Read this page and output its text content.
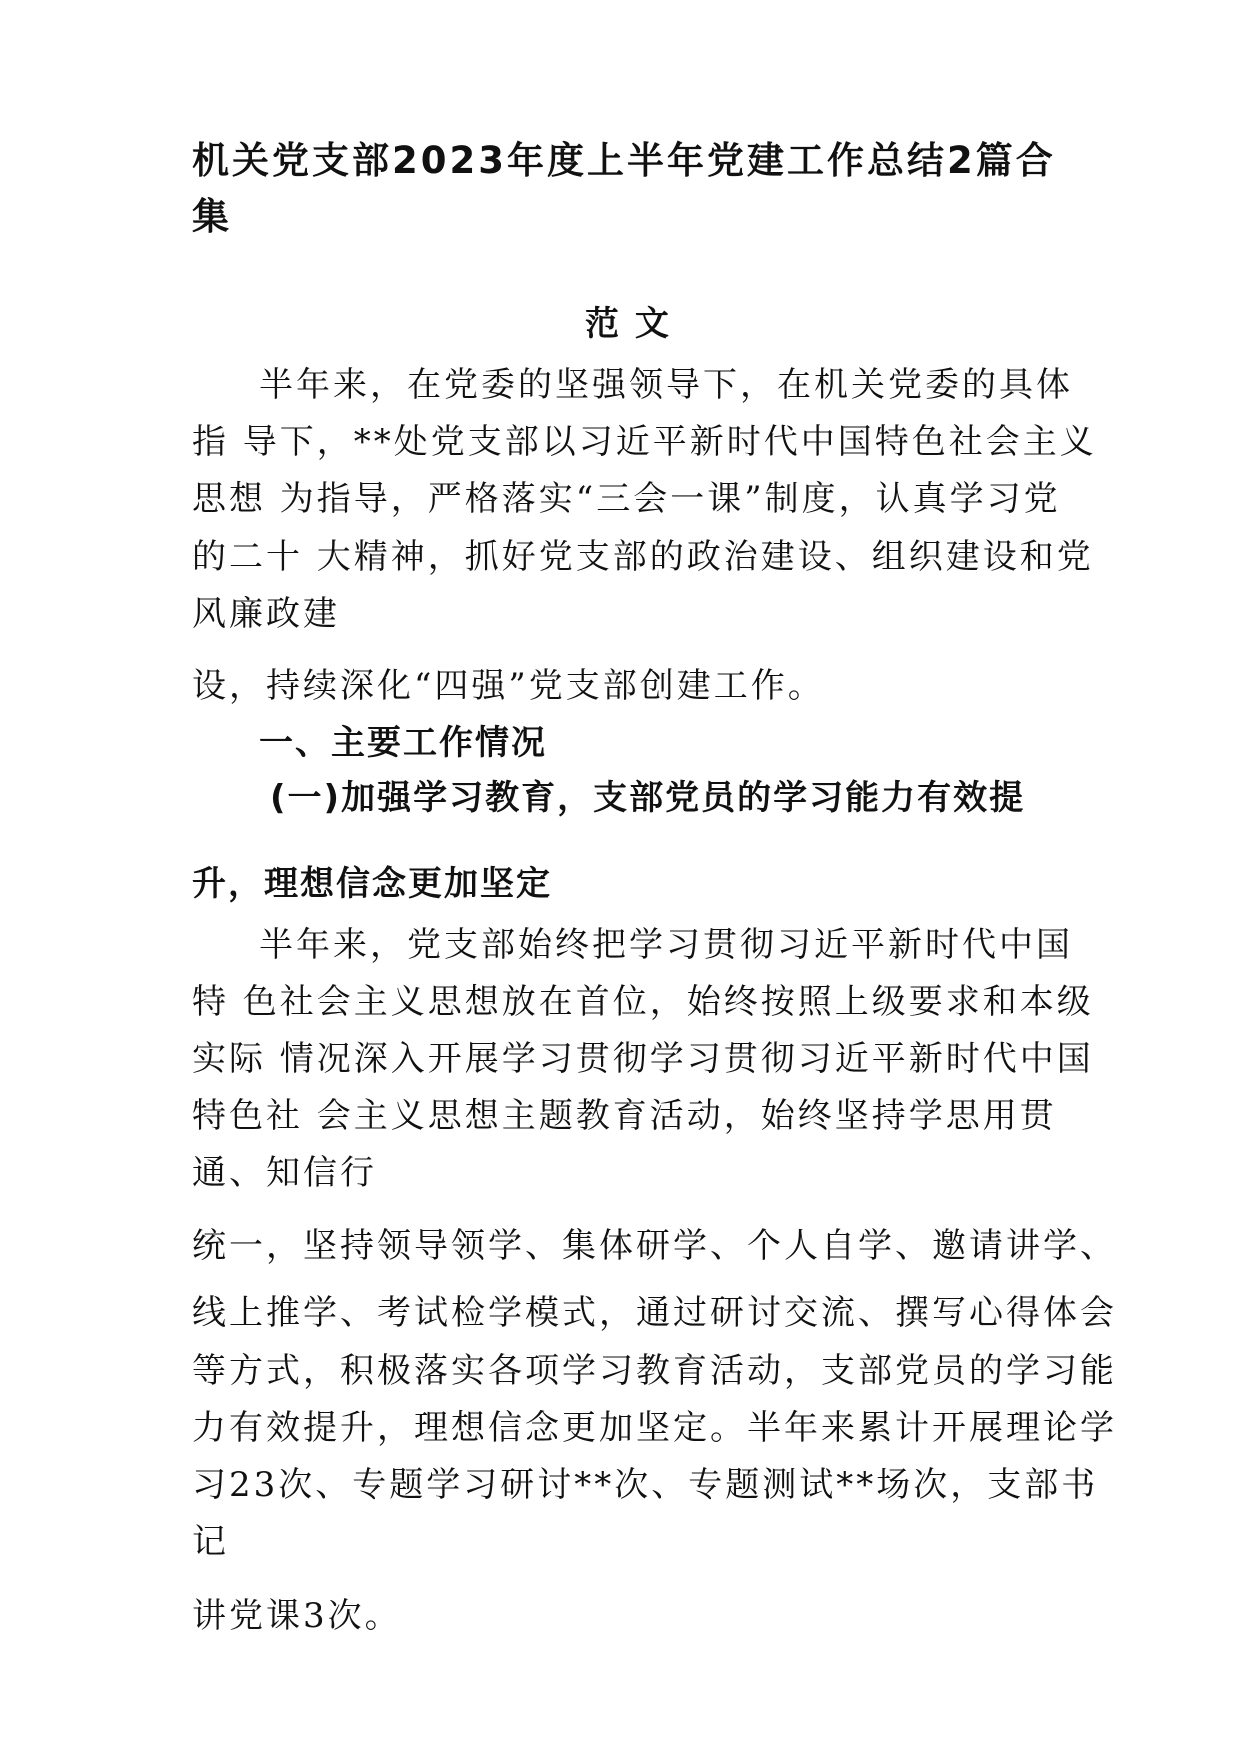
机关党支部2023年度上半年党建工作总结2篇合
集
范 文
半年来，在党委的坚强领导下，在机关党委的具体
指 导下，**处党支部以习近平新时代中国特色社会主义
思想 为指导，严格落实“三会一课”制度，认真学习党
的二十 大精神，抓好党支部的政治建设、组织建设和党
风廉政建
设，持续深化“四强”党支部创建工作。
一、主要工作情况
(一)加强学习教育，支部党员的学习能力有效提
升，理想信念更加坚定
半年来，党支部始终把学习贯彻习近平新时代中国
特 色社会主义思想放在首位，始终按照上级要求和本级
实际 情况深入开展学习贯彻学习贯彻习近平新时代中国
特色社 会主义思想主题教育活动，始终坚持学思用贯
通、知信行
统一，坚持领导领学、集体研学、个人自学、邀请讲学、
线上推学、考试检学模式，通过研讨交流、撰写心得体会
等方式，积极落实各项学习教育活动，支部党员的学习能
力有效提升，理想信念更加坚定。半年来累计开展理论学
习23次、专题学习研讨**次、专题测试**场次，支部书
记
讲党课3次。
